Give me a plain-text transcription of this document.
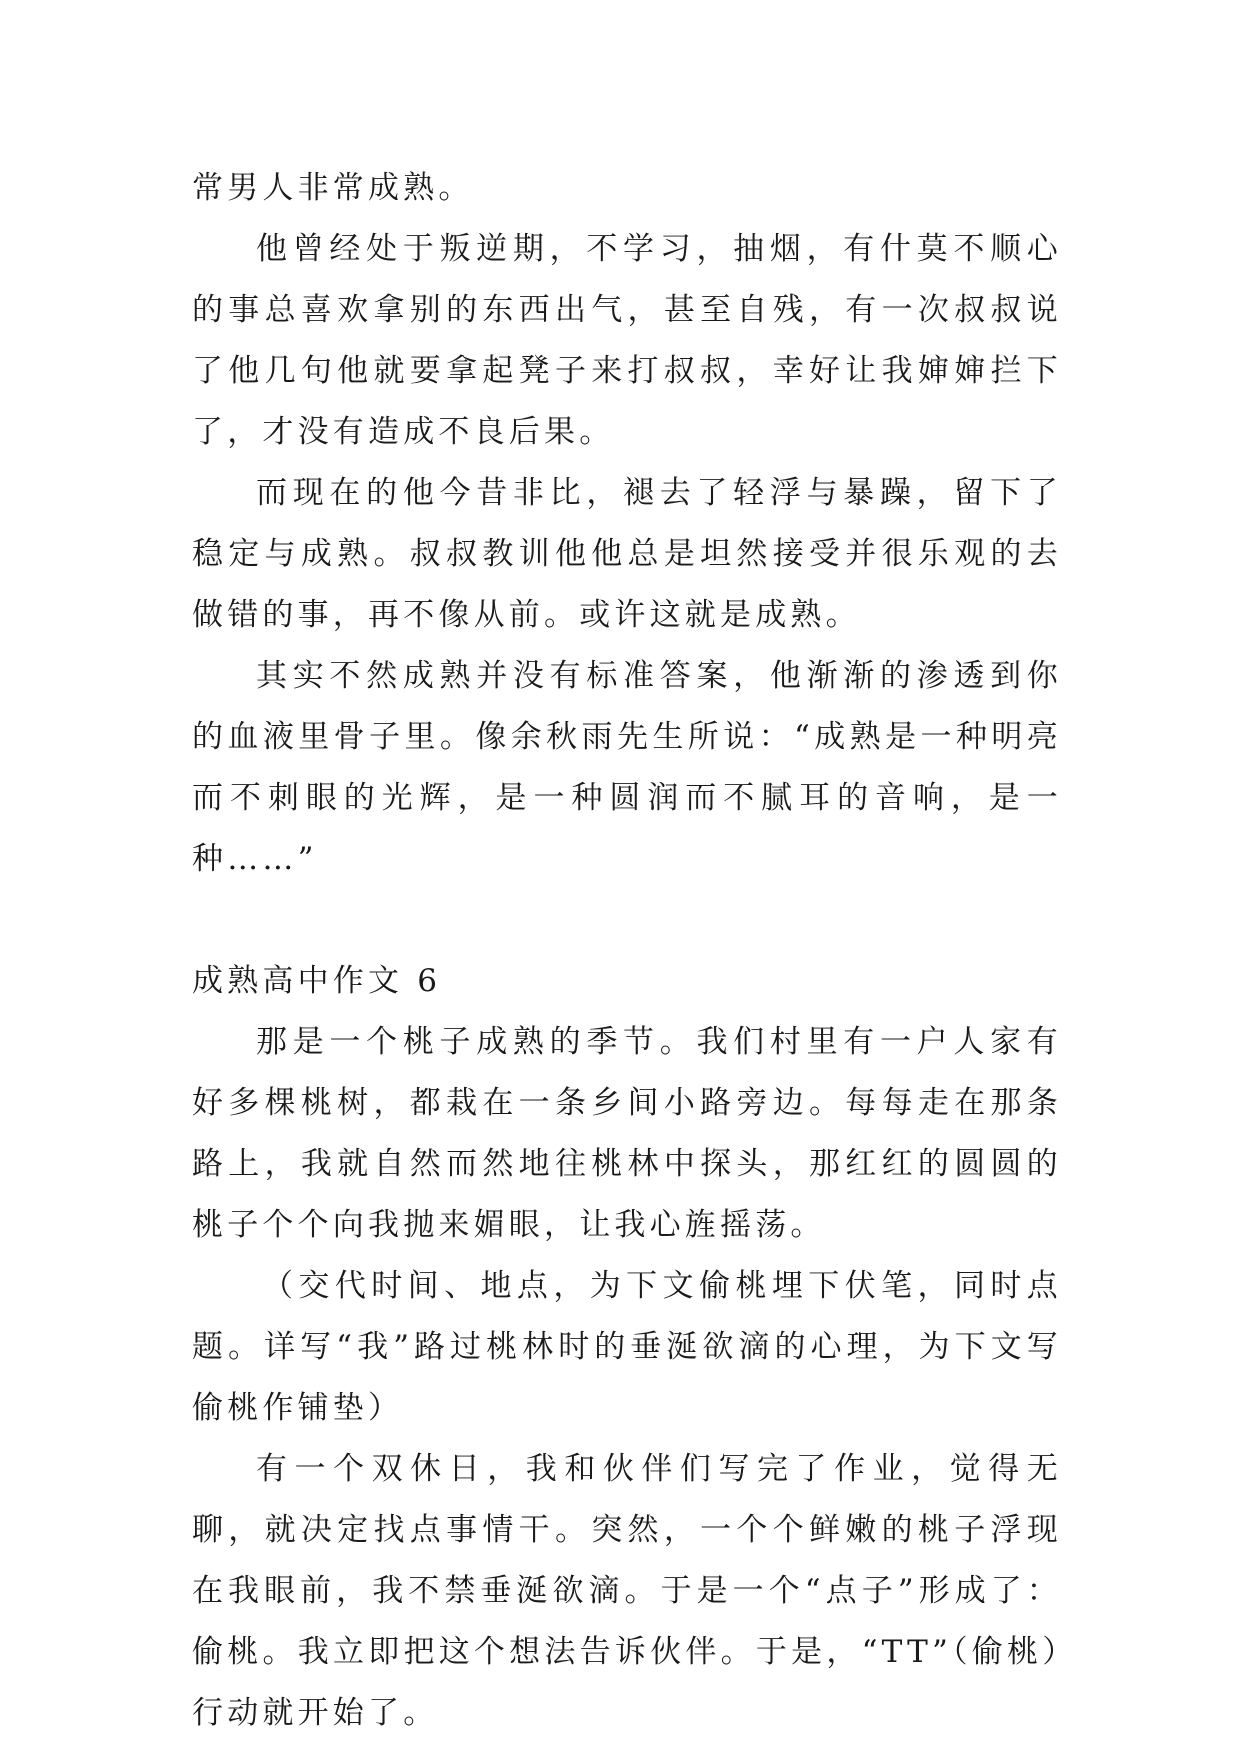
常男人非常成熟。

他曾经处于叛逆期，不学习，抽烟，有什莫不顺心的事总喜欢拿别的东西出气，甚至自残，有一次叔叔说了他几句他就要拿起凳子来打叔叔，幸好让我婶婶拦下了，才没有造成不良后果。

而现在的他今昔非比，褪去了轻浮与暴躁，留下了稳定与成熟。叔叔教训他他总是坦然接受并很乐观的去做错的事，再不像从前。或许这就是成熟。

其实不然成熟并没有标准答案，他渐渐的渗透到你的血液里骨子里。像余秋雨先生所说：“成熟是一种明亮而不刺眼的光辉，是一种圆润而不腻耳的音响，是一种……”

成熟高中作文 6

那是一个桃子成熟的季节。我们村里有一户人家有好多棵桃树，都栽在一条乡间小路旁边。每每走在那条路上，我就自然而然地往桃林中探头，那红红的圆圆的桃子个个向我抛来媚眼，让我心旌摇荡。

（交代时间、地点，为下文偷桃埋下伏笔，同时点题。详写“我”路过桃林时的垂涎欲滴的心理，为下文写偷桃作铺垫）

有一个双休日，我和伙伴们写完了作业，觉得无聊，就决定找点事情干。突然，一个个鲜嫩的桃子浮现在我眼前，我不禁垂涎欲滴。于是一个“点子”形成了：偷桃。我立即把这个想法告诉伙伴。于是，“TT”（偷桃）行动就开始了。
